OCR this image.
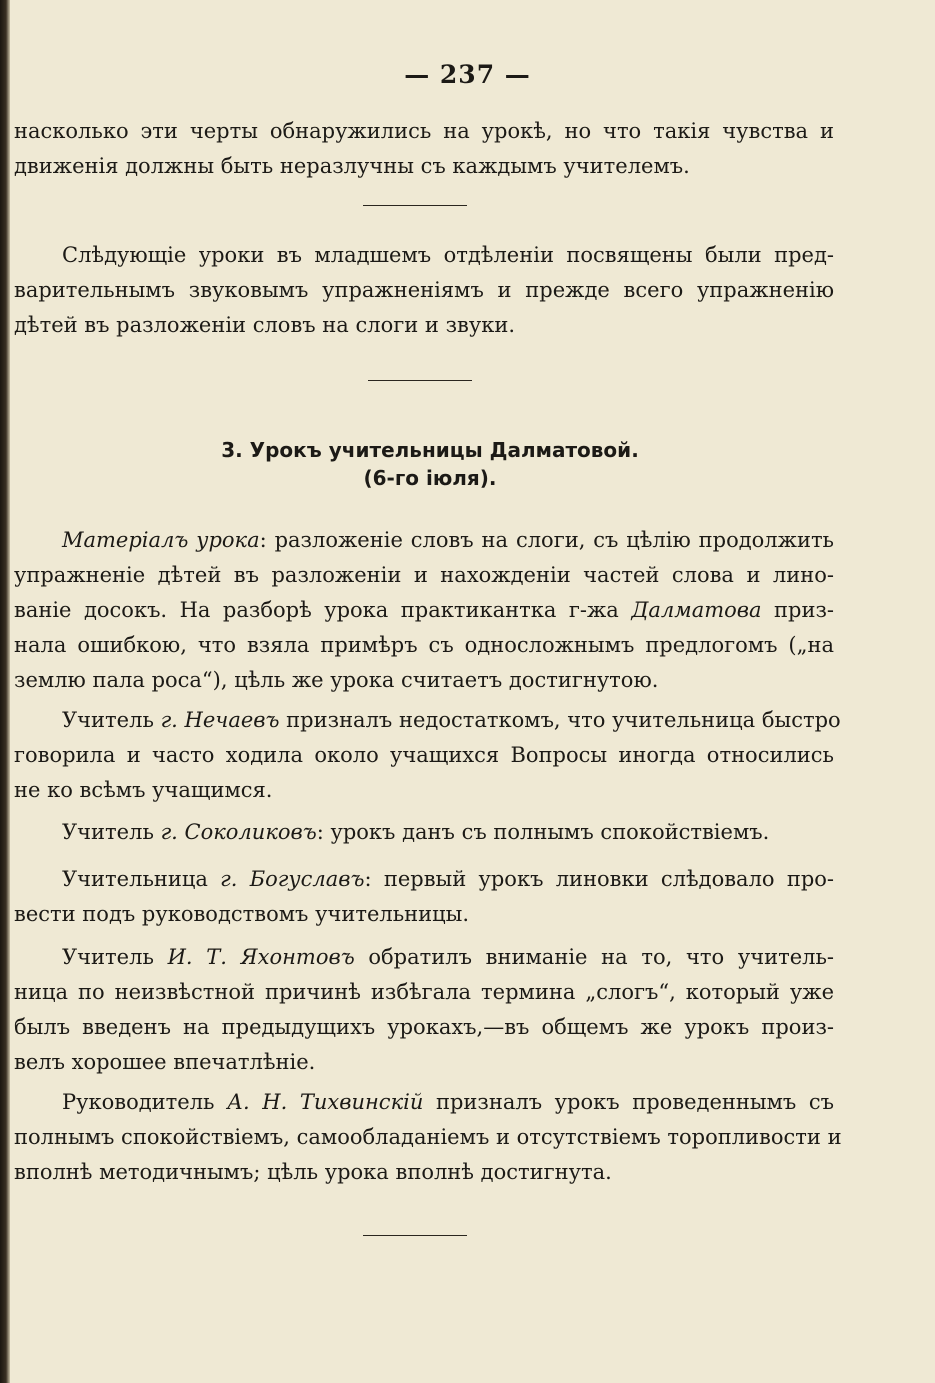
— 237 —
насколько эти черты обнаружились на урокѣ, но что такія чувства и
движенія должны быть неразлучны съ каждымъ учителемъ.
Слѣдующіе уроки въ младшемъ отдѣленіи посвящены были пред-
варительнымъ звуковымъ упражненіямъ и прежде всего упражненію
дѣтей въ разложеніи словъ на слоги и звуки.
3. Урокъ учительницы Далматовой.
(6-го іюля).
Матеріалъ урока: разложеніе словъ на слоги, съ цѣлію продолжить
упражненіе дѣтей въ разложеніи и нахожденіи частей слова и лино-
ваніе досокъ. На разборѣ урока практикантка г-жа Далматова приз-
нала ошибкою, что взяла примѣръ съ односложнымъ предлогомъ („на
землю пала роса“), цѣль же урока считаетъ достигнутою.
Учитель г. Нечаевъ призналъ недостаткомъ, что учительница быстро
говорила и часто ходила около учащихся Вопросы иногда относились
не ко всѣмъ учащимся.
Учитель г. Соколиковъ: урокъ данъ съ полнымъ спокойствіемъ.
Учительница г. Богуславъ: первый урокъ линовки слѣдовало про-
вести подъ руководствомъ учительницы.
Учитель И. Т. Яхонтовъ обратилъ вниманіе на то, что учитель-
ница по неизвѣстной причинѣ избѣгала термина „слогъ“, который уже
былъ введенъ на предыдущихъ урокахъ,—въ общемъ же урокъ произ-
велъ хорошее впечатлѣніе.
Руководитель А. Н. Тихвинскій призналъ урокъ проведеннымъ съ
полнымъ спокойствіемъ, самообладаніемъ и отсутствіемъ торопливости и
вполнѣ методичнымъ; цѣль урока вполнѣ достигнута.
